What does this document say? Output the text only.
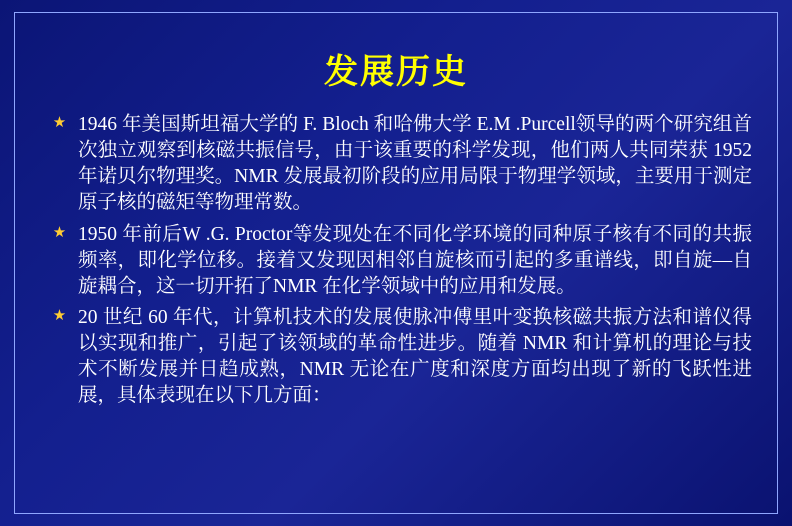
发展历史
★ 1946 年美国斯坦福大学的 F. Bloch 和哈佛大学 E.M .Purcell领导的两个研究组首次独立观察到核磁共振信号，由于该重要的科学发现，他们两人共同荣获 1952 年诺贝尔物理奖。NMR 发展最初阶段的应用局限于物理学领域，主要用于测定原子核的磁矩等物理常数。
★ 1950 年前后W .G. Proctor等发现处在不同化学环境的同种原子核有不同的共振频率，即化学位移。接着又发现因相邻自旋核而引起的多重谱线，即自旋—自旋耦合，这一切开拓了NMR 在化学领域中的应用和发展。
★ 20 世纪 60 年代，计算机技术的发展使脉冲傅里叶变换核磁共振方法和谱仪得以实现和推广，引起了该领域的革命性进步。随着 NMR 和计算机的理论与技术不断发展并日趋成熟，NMR 无论在广度和深度方面均出现了新的飞跃性进展，具体表现在以下几方面：
